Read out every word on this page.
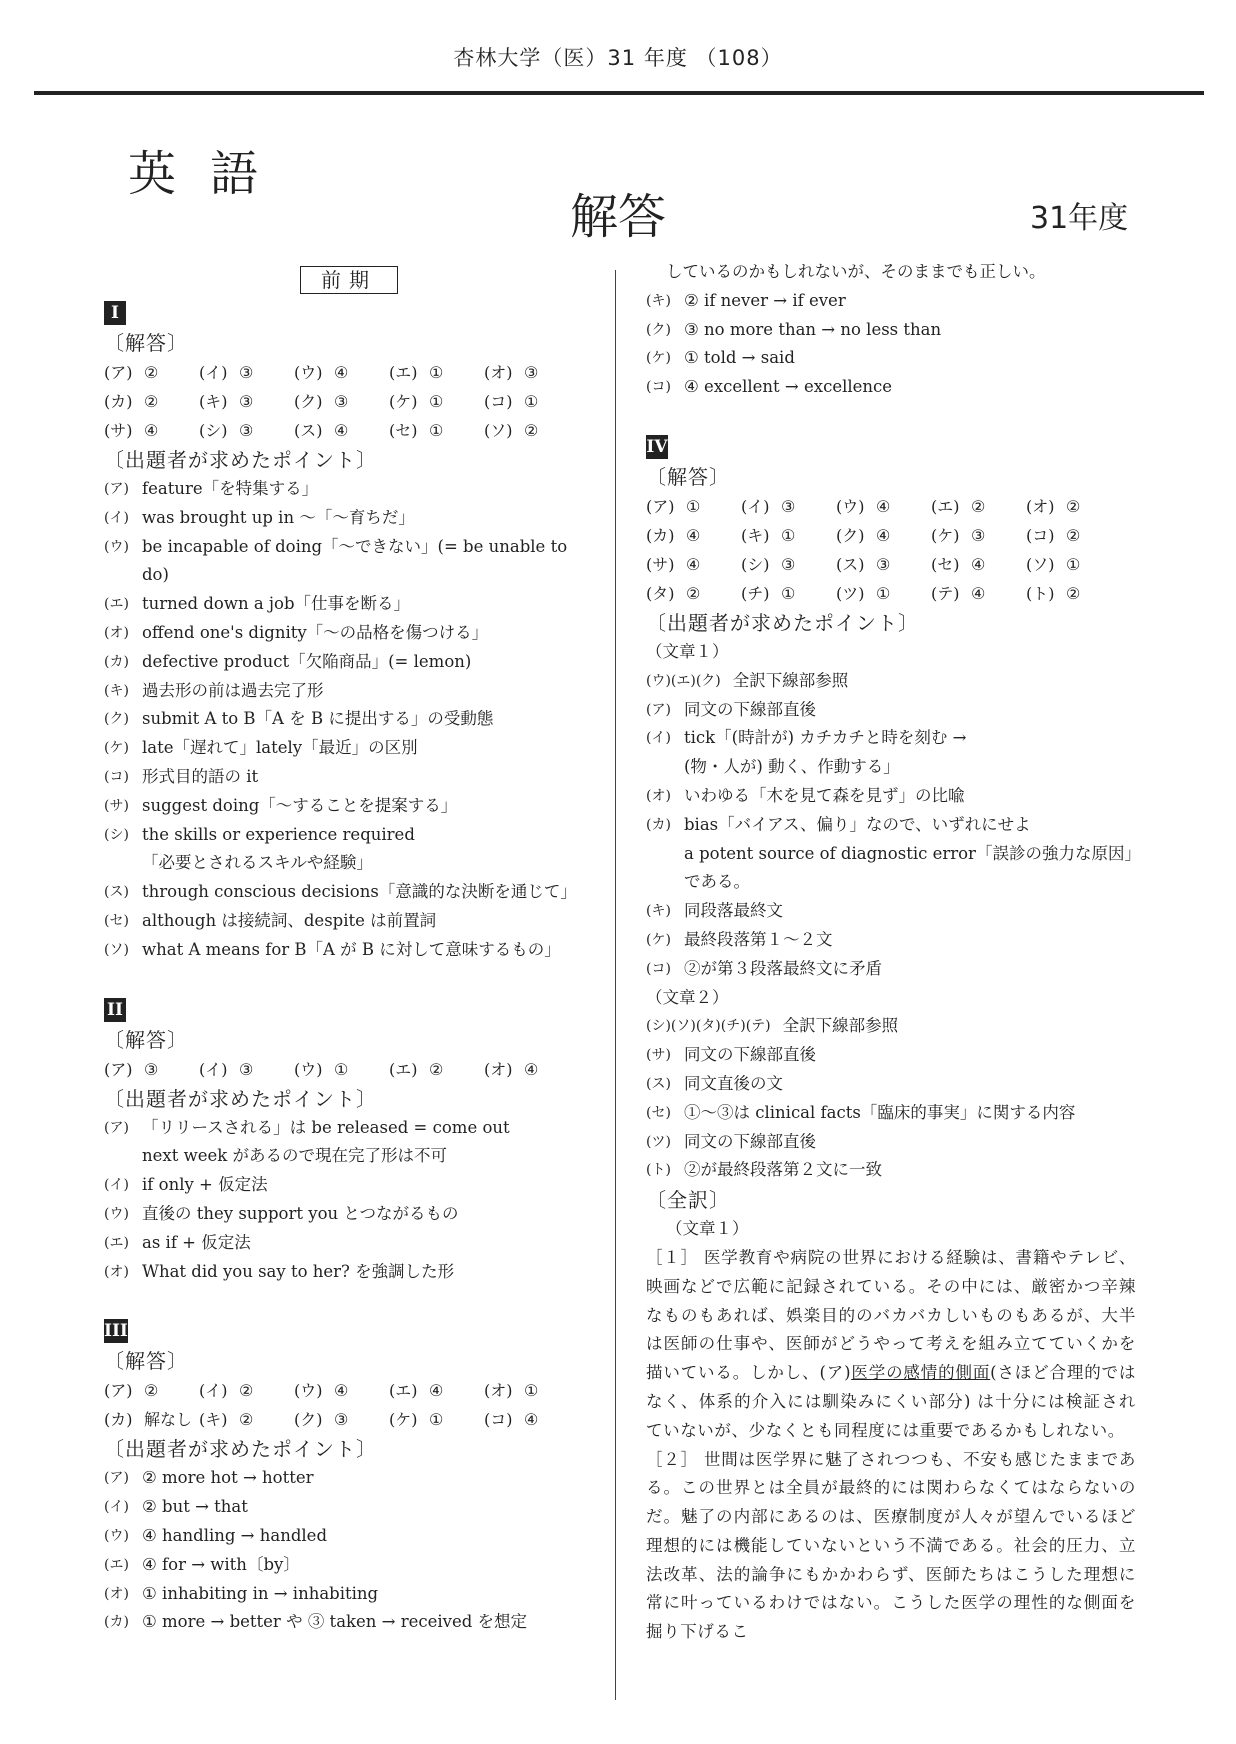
杏林大学（医）31 年度 （108）
英語
解答	31年度
前期
I
〔解答〕
(ア) ②	(イ) ③	(ウ) ④	(エ) ①	(オ) ③
(カ) ②	(キ) ③	(ク) ③	(ケ) ①	(コ) ①
(サ) ④	(シ) ③	(ス) ④	(セ) ①	(ソ) ②
〔出題者が求めたポイント〕
(ア) feature「を特集する」
(イ) was brought up in ～「～育ちだ」
(ウ) be incapable of doing「～できない」(= be unable to do)
(エ) turned down a job「仕事を断る」
(オ) offend one's dignity「～の品格を傷つける」
(カ) defective product「欠陥商品」(= lemon)
(キ) 過去形の前は過去完了形
(ク) submit A to B「A を B に提出する」の受動態
(ケ) late「遅れて」lately「最近」の区別
(コ) 形式目的語の it
(サ) suggest doing「～することを提案する」
(シ) the skills or experience required
「必要とされるスキルや経験」
(ス) through conscious decisions「意識的な決断を通じて」
(セ) although は接続詞、despite は前置詞
(ソ) what A means for B「A が B に対して意味するもの」
II
〔解答〕
(ア) ③	(イ) ③	(ウ) ①	(エ) ②	(オ) ④
〔出題者が求めたポイント〕
(ア) 「リリースされる」は be released = come out
next week があるので現在完了形は不可
(イ) if only + 仮定法
(ウ) 直後の they support you とつながるもの
(エ) as if + 仮定法
(オ) What did you say to her? を強調した形
III
〔解答〕
(ア) ②	(イ) ②	(ウ) ④	(エ) ④	(オ) ①
(カ) 解なし (キ) ②	(ク) ③	(ケ) ①	(コ) ④
〔出題者が求めたポイント〕
(ア) ② more hot → hotter
(イ) ② but → that
(ウ) ④ handling → handled
(エ) ④ for → with〔by〕
(オ) ① inhabiting in → inhabiting
(カ) ① more → better や ③ taken → received を想定
しているのかもしれないが、そのままでも正しい。
(キ) ② if never → if ever
(ク) ③ no more than → no less than
(ケ) ① told → said
(コ) ④ excellent → excellence
IV
〔解答〕
(ア) ①	(イ) ③	(ウ) ④	(エ) ②	(オ) ②
(カ) ④	(キ) ①	(ク) ④	(ケ) ③	(コ) ②
(サ) ④	(シ) ③	(ス) ③	(セ) ④	(ソ) ①
(タ) ②	(チ) ①	(ツ) ①	(テ) ④	(ト) ②
〔出題者が求めたポイント〕
（文章１）
(ウ)(エ)(ク) 全訳下線部参照
(ア) 同文の下線部直後
(イ) tick「(時計が) カチカチと時を刻む →
(物・人が) 動く、作動する」
(オ) いわゆる「木を見て森を見ず」の比喩
(カ) bias「バイアス、偏り」なので、いずれにせよ
a potent source of diagnostic error「誤診の強力な原因」である。
(キ) 同段落最終文
(ケ) 最終段落第１～２文
(コ) ②が第３段落最終文に矛盾
（文章２）
(シ)(ソ)(タ)(チ)(テ) 全訳下線部参照
(サ) 同文の下線部直後
(ス) 同文直後の文
(セ) ①～③は clinical facts「臨床的事実」に関する内容
(ツ) 同文の下線部直後
(ト) ②が最終段落第２文に一致
〔全訳〕
（文章１）
［１］ 医学教育や病院の世界における経験は、書籍やテレビ、映画などで広範に記録されている。その中には、厳密かつ辛辣なものもあれば、娯楽目的のバカバカしいものもあるが、大半は医師の仕事や、医師がどうやって考えを組み立てていくかを描いている。しかし、(ア)医学の感情的側面(さほど合理的ではなく、体系的介入には馴染みにくい部分) は十分には検証されていないが、少なくとも同程度には重要であるかもしれない。
［２］ 世間は医学界に魅了されつつも、不安も感じたままである。この世界とは全員が最終的には関わらなくてはならないのだ。魅了の内部にあるのは、医療制度が人々が望んでいるほど理想的には機能していないという不満である。社会的圧力、立法改革、法的論争にもかかわらず、医師たちはこうした理想に常に叶っているわけではない。こうした医学の理性的な側面を掘り下げるこ
